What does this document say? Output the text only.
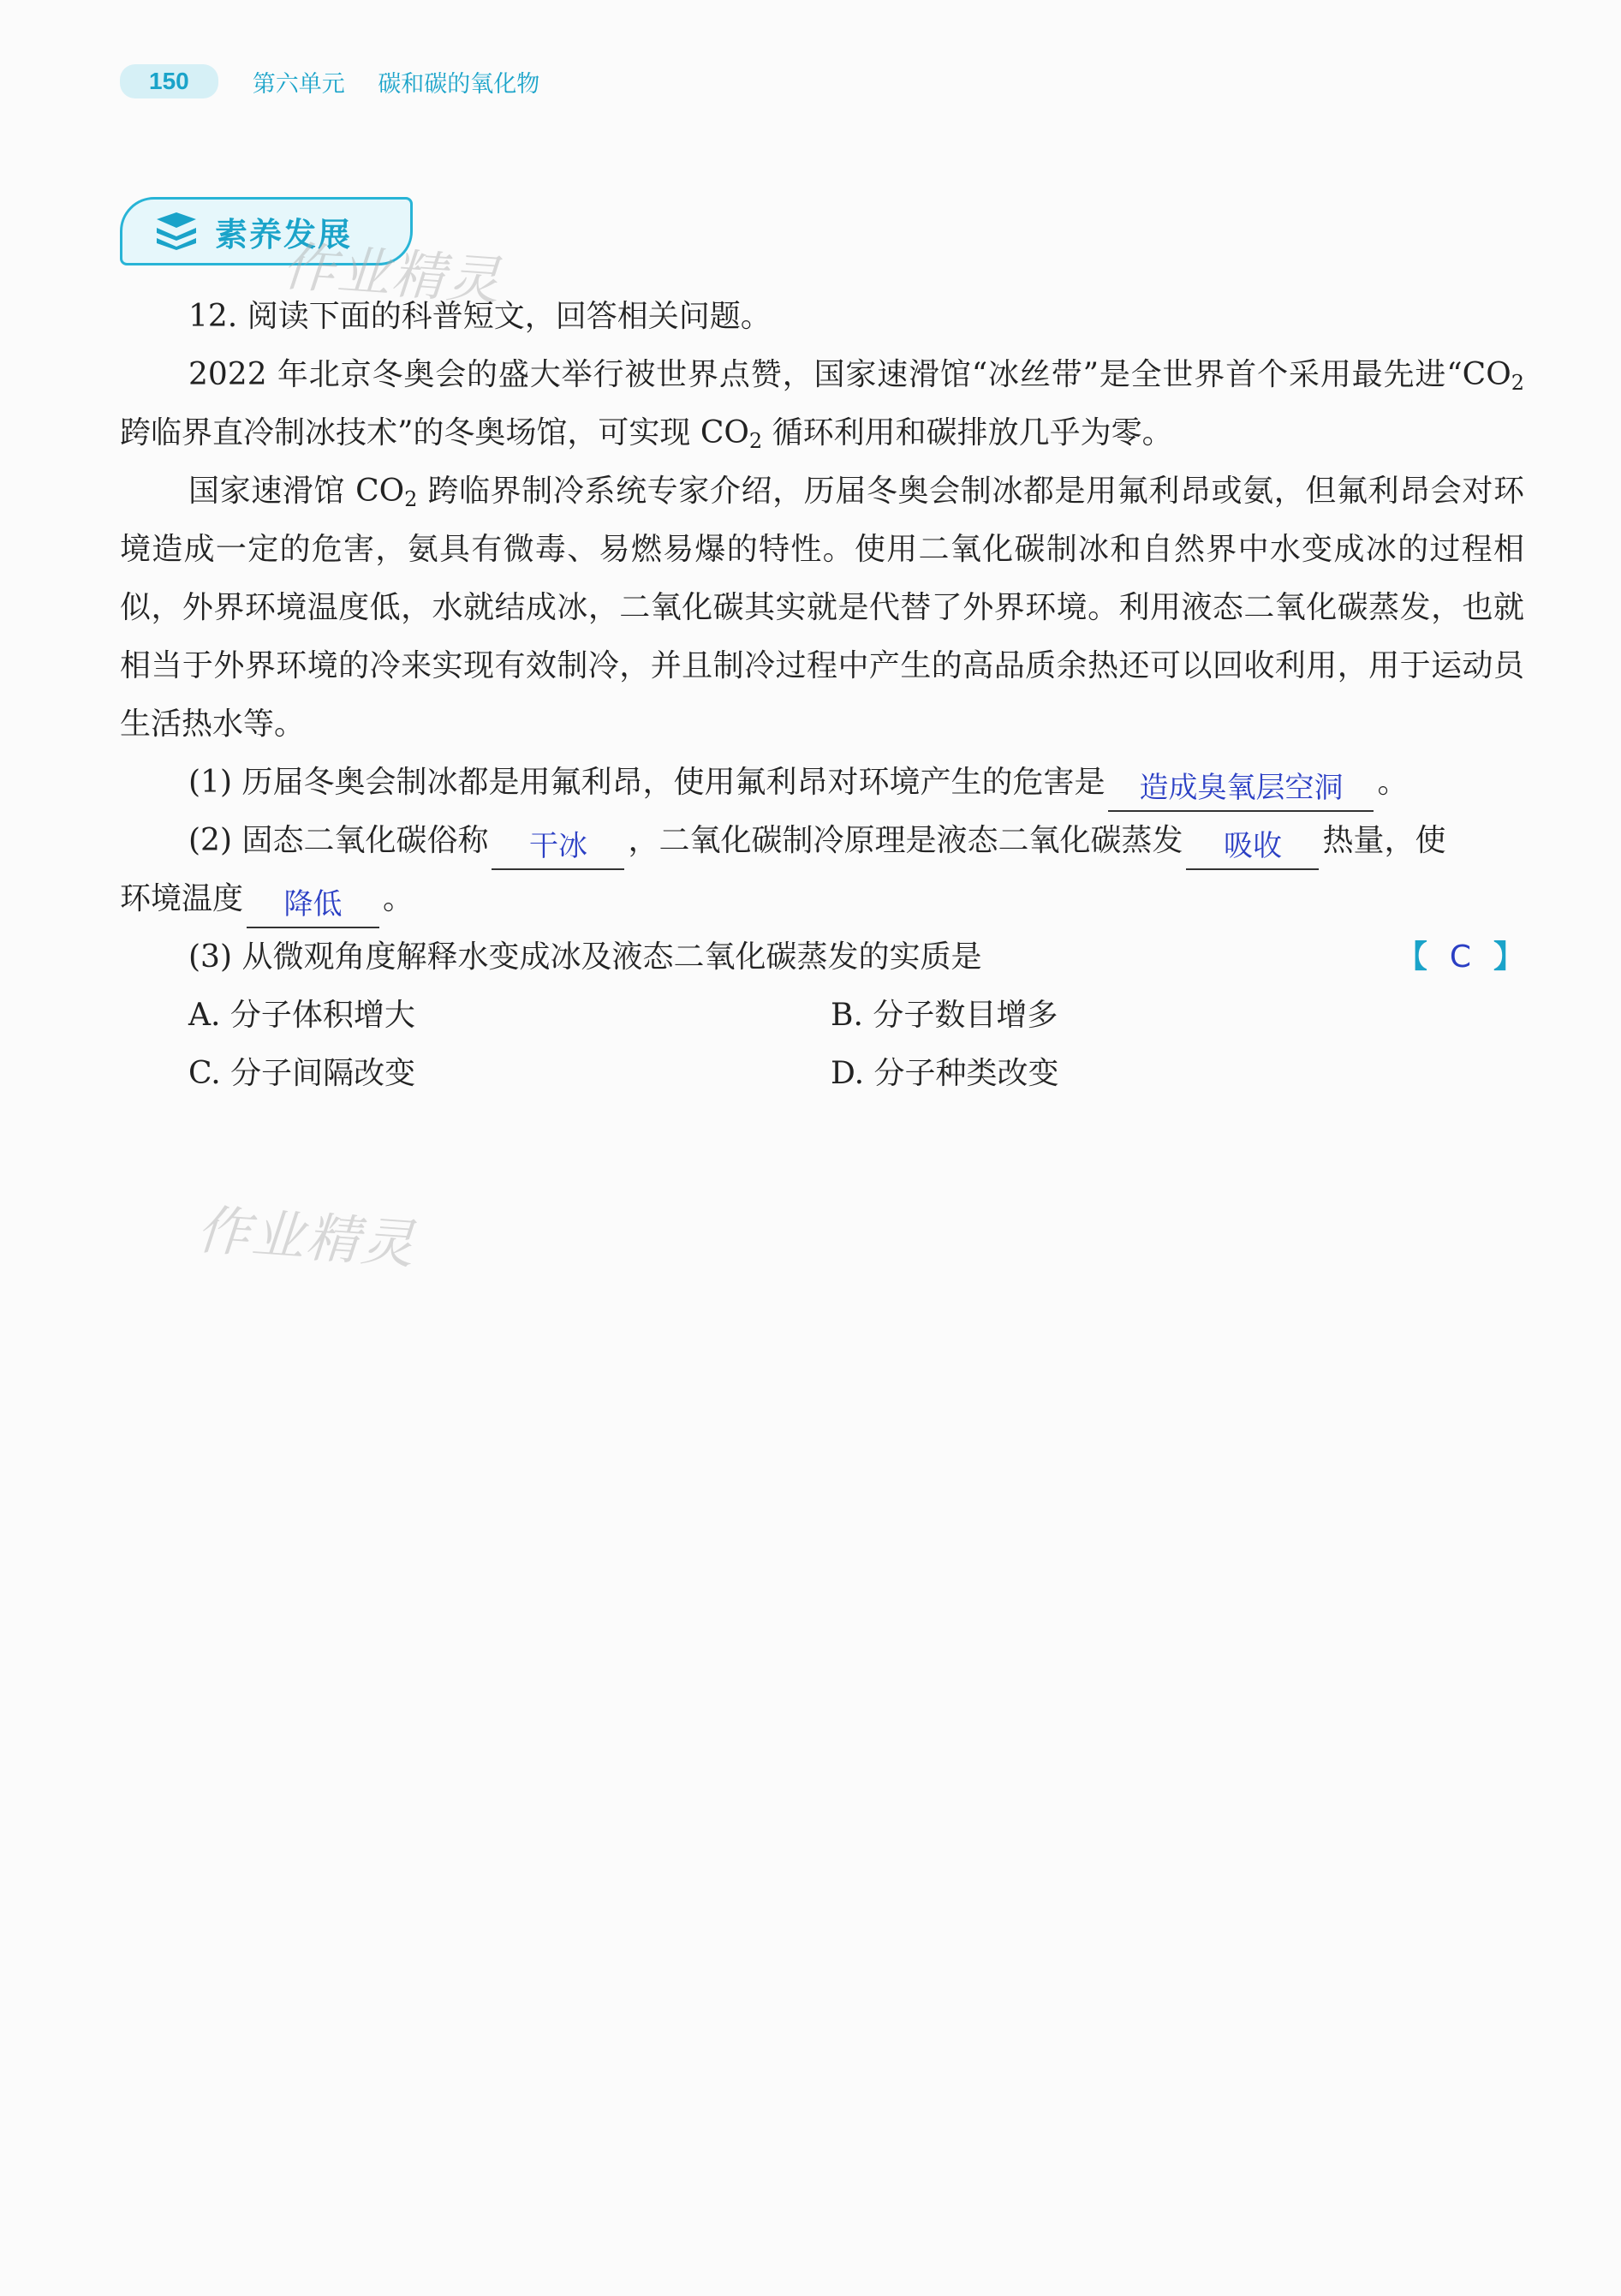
150	第六单元 碳和碳的氧化物
素养发展
作业精灵
作业精灵
12. 阅读下面的科普短文，回答相关问题。

2022 年北京冬奥会的盛大举行被世界点赞，国家速滑馆“冰丝带”是全世界首个采用最先进“$CO_2$ 跨临界直冷制冰技术”的冬奥场馆，可实现 $CO_2$ 循环利用和碳排放几乎为零。

国家速滑馆 $CO_2$ 跨临界制冷系统专家介绍，历届冬奥会制冰都是用氟利昂或氨，但氟利昂会对环境造成一定的危害，氨具有微毒、易燃易爆的特性。使用二氧化碳制冰和自然界中水变成冰的过程相似，外界环境温度低，水就结成冰，二氧化碳其实就是代替了外界环境。利用液态二氧化碳蒸发，也就相当于外界环境的冷来实现有效制冷，并且制冷过程中产生的高品质余热还可以回收利用，用于运动员生活热水等。

(1) 历届冬奥会制冰都是用氟利昂，使用氟利昂对环境产生的危害是	造成臭氧层空洞	。
(2) 固态二氧化碳俗称	干冰	，二氧化碳制冷原理是液态二氧化碳蒸发	吸收	热量，使
环境温度	降低	。
(3) 从微观角度解释水变成冰及液态二氧化碳蒸发的实质是	【 C 】
A. 分子体积增大	B. 分子数目增多
C. 分子间隔改变	D. 分子种类改变
